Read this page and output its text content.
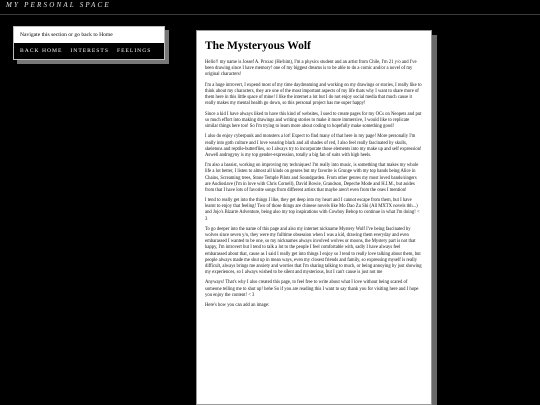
MY PERSONAL SPACE
Navigate this section or go back to Home
BACK HOME INTERESTS FEELINGS	The Mysteryous Wolf

Hello!! my name is Jossef A. Proxac (He/him), I'm a physics student and an artist from Chile, I'm 21 y/o and I've been drawing since I have memory! one of my biggest dreams is to be able to do a comic and/or a novel of my original characters!

I'm a huge introvert, I expend most of my time daydreaming and working on my drawings or stories, I really like to think about my characters, they are one of the most important aspects of my life thats why I want to share more of them here in this little space of mine! I like the internet a lot but I do not enjoy social media that much cause it really makes my mental health go down, so this personal project has me super happy!

Since a kid I have always liked to have this kind of websites, I used to create pages for my OCs on Neopets and put so much effort into making drawings and writing stories to make it more immersive, I would like to replicate similar things here too! So I'm trying to learn more about coding to hopefully make something good!

I also do enjoy cyberpunk and monsters a lot! Expect to find many of that here in my page! More personally I'm really into goth culture and I love wearing black and all shades of red, I also feel really fascinated by skulls, skeletons and reptile-butterflies, so I always try to incorporate those elements into my make up and self expression! Aswell androgyny is my top gender-expression, totally a big fan of suits with high heels.

I'm also a bassist, working on improving my techniques! I'm really into music, is something that makes my whole life a lot better, I listen to almost all kinds on genres but my favorite is Grunge with my top bands being Alice in Chains, Screaming trees, Stone Temple Pilots and Soundgarden. From other genres my most loved bands/singers are Audioslave (I'm in love with Chris Cornell), David Bowie, Grandson, Depeche Mode and H.I.M., but asides from that I have lots of favorite songs from different artists that maybe aren't even from the ones I mention!

I tend to really get into the things I like, they get deep into my heart and I cannot escape from them, but I have learnt to enjoy that feeling! Two of those things are chinese novels like Mo Dao Zu Shi (All MXTX novels tbh...) and Jojo's Bizarre Adventure, being also my top inspirations with Cowboy Bebop to continue in what I'm doing! < 3

To go deeper into the name of this page and also my internet nickname Mystery Wolf I've being fascinated by wolves since seven y/o, they were my fulltime obsession when I was a kid, drawing them everyday and even embarassed I wanted to be one, so my nicknames always involved wolves or moons, the Mystery part is not that happy, I'm introvert but I tend to talk a lot to the people I feel comfortable with, sadly I have always feel embarassed about that, cause as I said I really get into things I enjoy so I tend to really love talking about them, but people always made me shut up in mean ways, even my closest friends and family, so expressing myself is really difficult, always brings me anxiety and worries that I'm sharing talking to much, or being annoying by just showing my experiences, so I always wished to be silent and mysterious, but I can't cause is just not me

Anyways! That's why I also created this page, to feel free to write about what I love without being scared of someone telling me to shut up! hehe So if you are reading this I want to say thank you for visiting here and I hope you enjoy the content! < 3

Here's how you can add an image:
